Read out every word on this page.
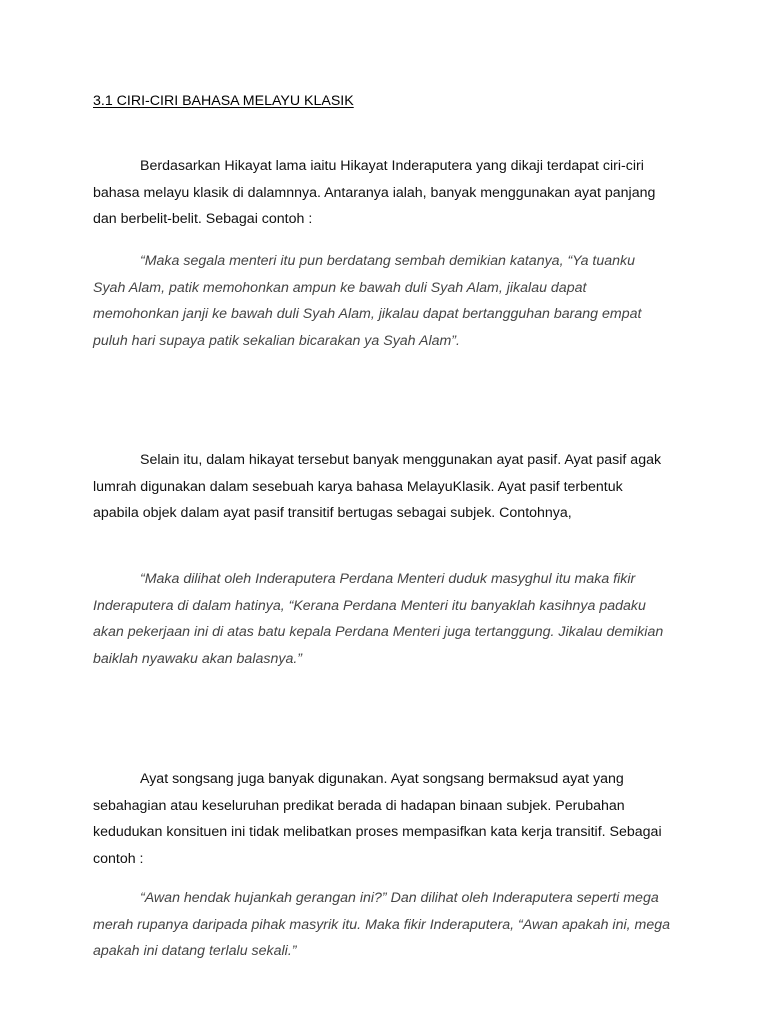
3.1 CIRI-CIRI BAHASA MELAYU KLASIK

Berdasarkan Hikayat lama iaitu Hikayat Inderaputera yang dikaji terdapat ciri-ciri bahasa melayu klasik di dalamnnya. Antaranya ialah, banyak menggunakan ayat panjang dan berbelit-belit. Sebagai contoh :

“Maka segala menteri itu pun berdatang sembah demikian katanya, “Ya tuanku Syah Alam, patik memohonkan ampun ke bawah duli Syah Alam, jikalau dapat memohonkan janji ke bawah duli Syah Alam, jikalau dapat bertangguhan barang empat puluh hari supaya patik sekalian bicarakan ya Syah Alam”.

Selain itu, dalam hikayat tersebut banyak menggunakan ayat pasif. Ayat pasif agak lumrah digunakan dalam sesebuah karya bahasa MelayuKlasik. Ayat pasif terbentuk apabila objek dalam ayat pasif transitif bertugas sebagai subjek. Contohnya,

“Maka dilihat oleh Inderaputera Perdana Menteri duduk masyghul itu maka fikir Inderaputera di dalam hatinya, “Kerana Perdana Menteri itu banyaklah kasihnya padaku akan pekerjaan ini di atas batu kepala Perdana Menteri juga tertanggung. Jikalau demikian baiklah nyawaku akan balasnya.”

Ayat songsang juga banyak digunakan. Ayat songsang bermaksud ayat yang sebahagian atau keseluruhan predikat berada di hadapan binaan subjek. Perubahan kedudukan konsituen ini tidak melibatkan proses mempasifkan kata kerja transitif. Sebagai contoh :

“Awan hendak hujankah gerangan ini?” Dan dilihat oleh Inderaputera seperti mega merah rupanya daripada pihak masyrik itu. Maka fikir Inderaputera, “Awan apakah ini, mega apakah ini datang terlalu sekali.”
